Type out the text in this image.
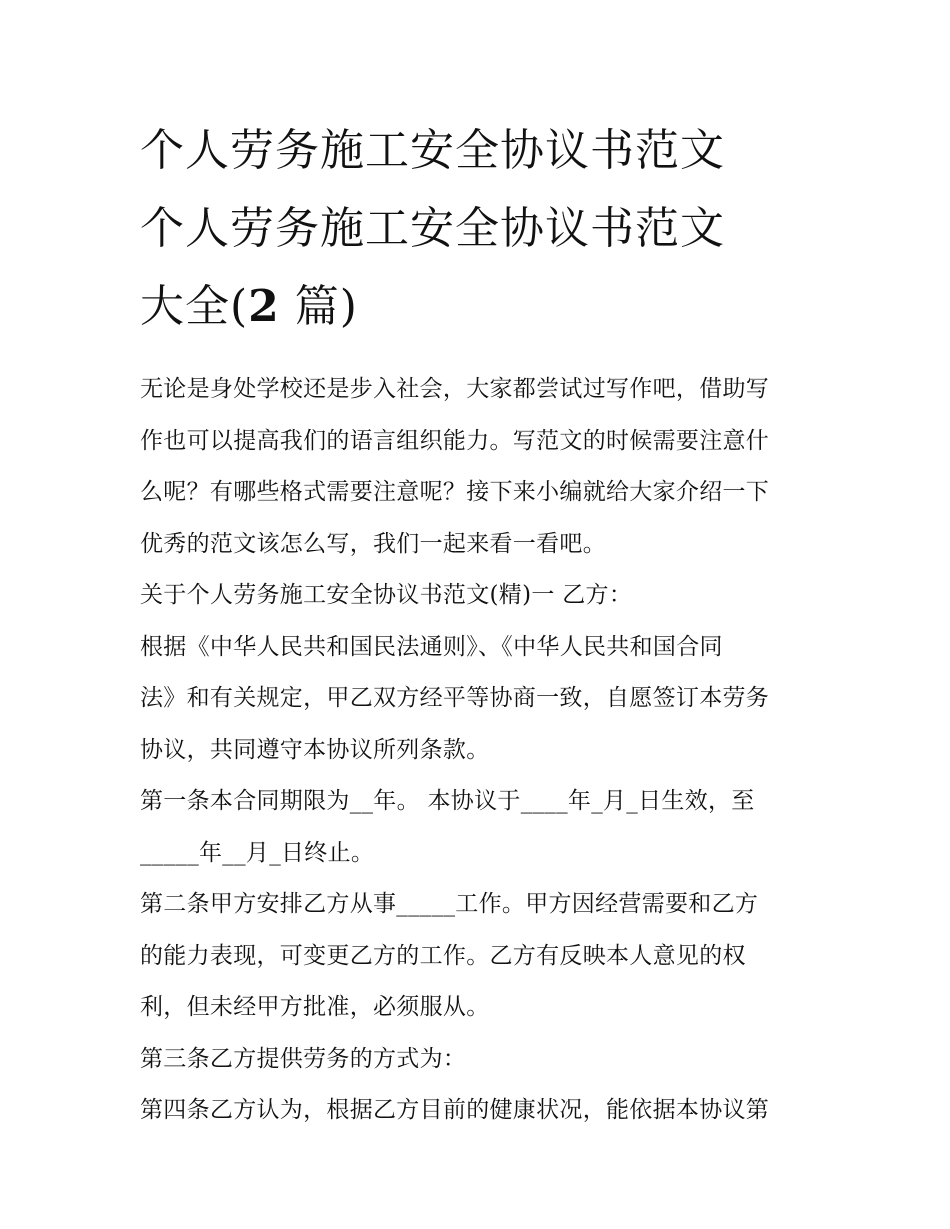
个人劳务施工安全协议书范文
个人劳务施工安全协议书范文
大全(2 篇)

无论是身处学校还是步入社会，大家都尝试过写作吧，借助写
作也可以提高我们的语言组织能力。写范文的时候需要注意什
么呢？有哪些格式需要注意呢？接下来小编就给大家介绍一下
优秀的范文该怎么写，我们一起来看一看吧。

关于个人劳务施工安全协议书范文(精)一 乙方：

根据《中华人民共和国民法通则》、《中华人民共和国合同
法》和有关规定，甲乙双方经平等协商一致，自愿签订本劳务
协议，共同遵守本协议所列条款。

第一条本合同期限为__年。 本协议于____年_月_日生效，至
_____年__月_日终止。

第二条甲方安排乙方从事_____工作。甲方因经营需要和乙方
的能力表现，可变更乙方的工作。乙方有反映本人意见的权
利，但未经甲方批准，必须服从。

第三条乙方提供劳务的方式为：

第四条乙方认为，根据乙方目前的健康状况，能依据本协议第
